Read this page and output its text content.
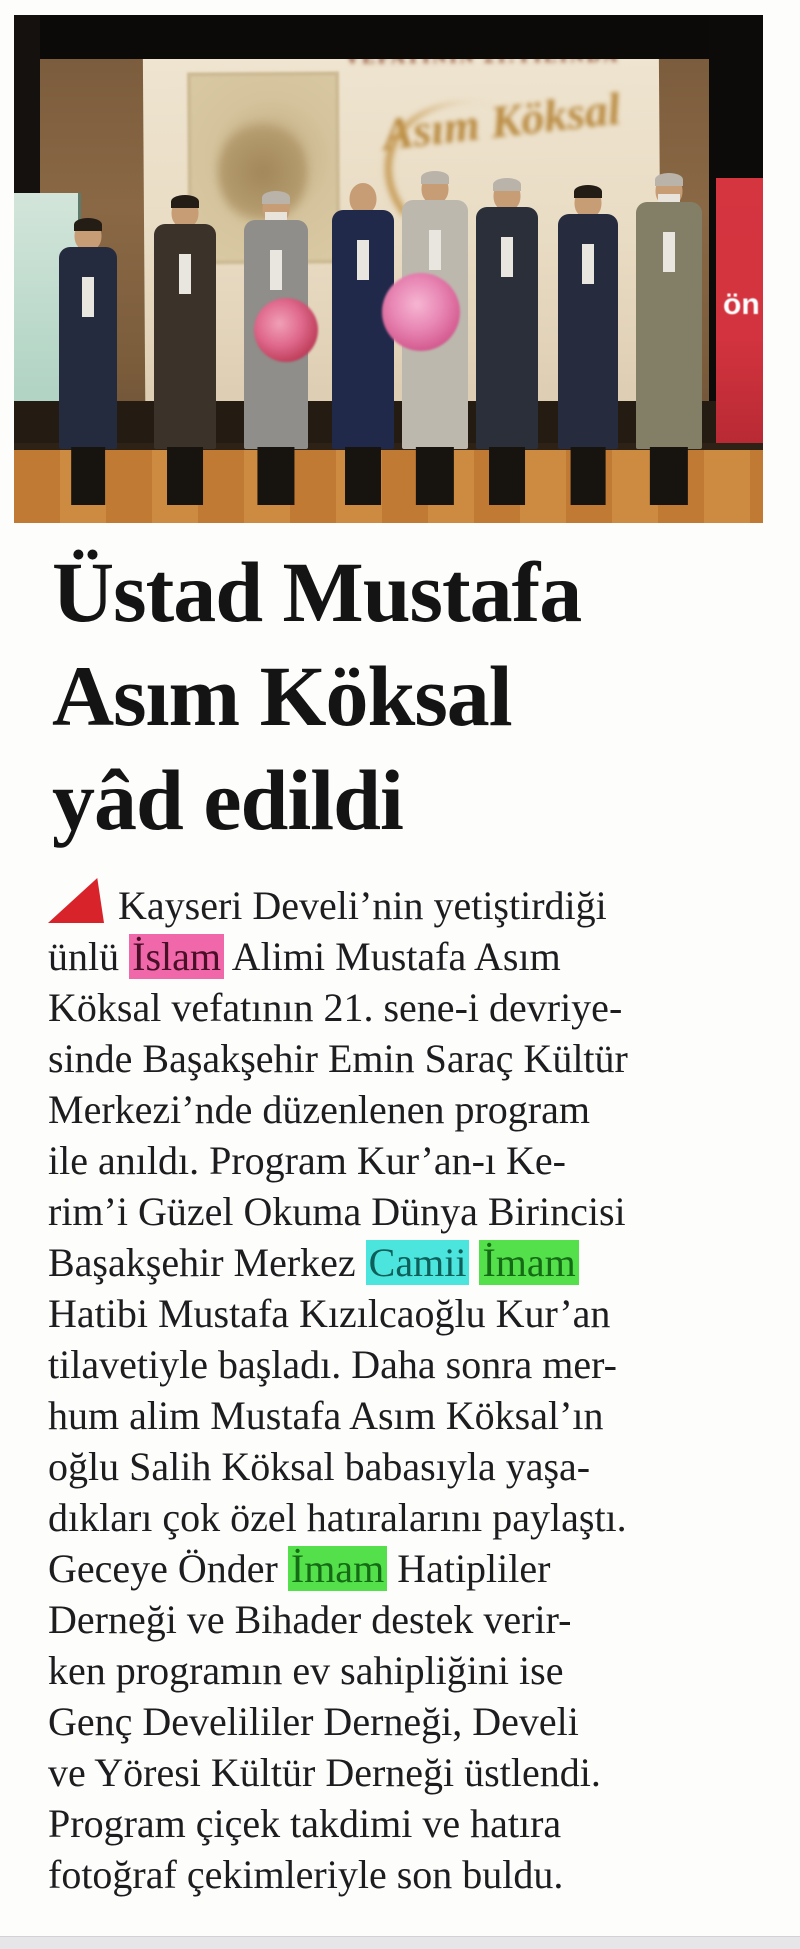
Asım Köksal
ön
Üstad Mustafa
Asım Köksal
yâd edildi
Kayseri Develi’nin yetiştirdiği
ünlü İslam Alimi Mustafa Asım
Köksal vefatının 21. sene-i devriye-
sinde Başakşehir Emin Saraç Kültür
Merkezi’nde düzenlenen program
ile anıldı. Program Kur’an-ı Ke-
rim’i Güzel Okuma Dünya Birincisi
Başakşehir Merkez Camii İmam
Hatibi Mustafa Kızılcaoğlu Kur’an
tilavetiyle başladı. Daha sonra mer-
hum alim Mustafa Asım Köksal’ın
oğlu Salih Köksal babasıyla yaşa-
dıkları çok özel hatıralarını paylaştı.
Geceye Önder İmam Hatipliler
Derneği ve Bihader destek verir-
ken programın ev sahipliğini ise
Genç Develililer Derneği, Develi
ve Yöresi Kültür Derneği üstlendi.
Program çiçek takdimi ve hatıra
fotoğraf çekimleriyle son buldu.
